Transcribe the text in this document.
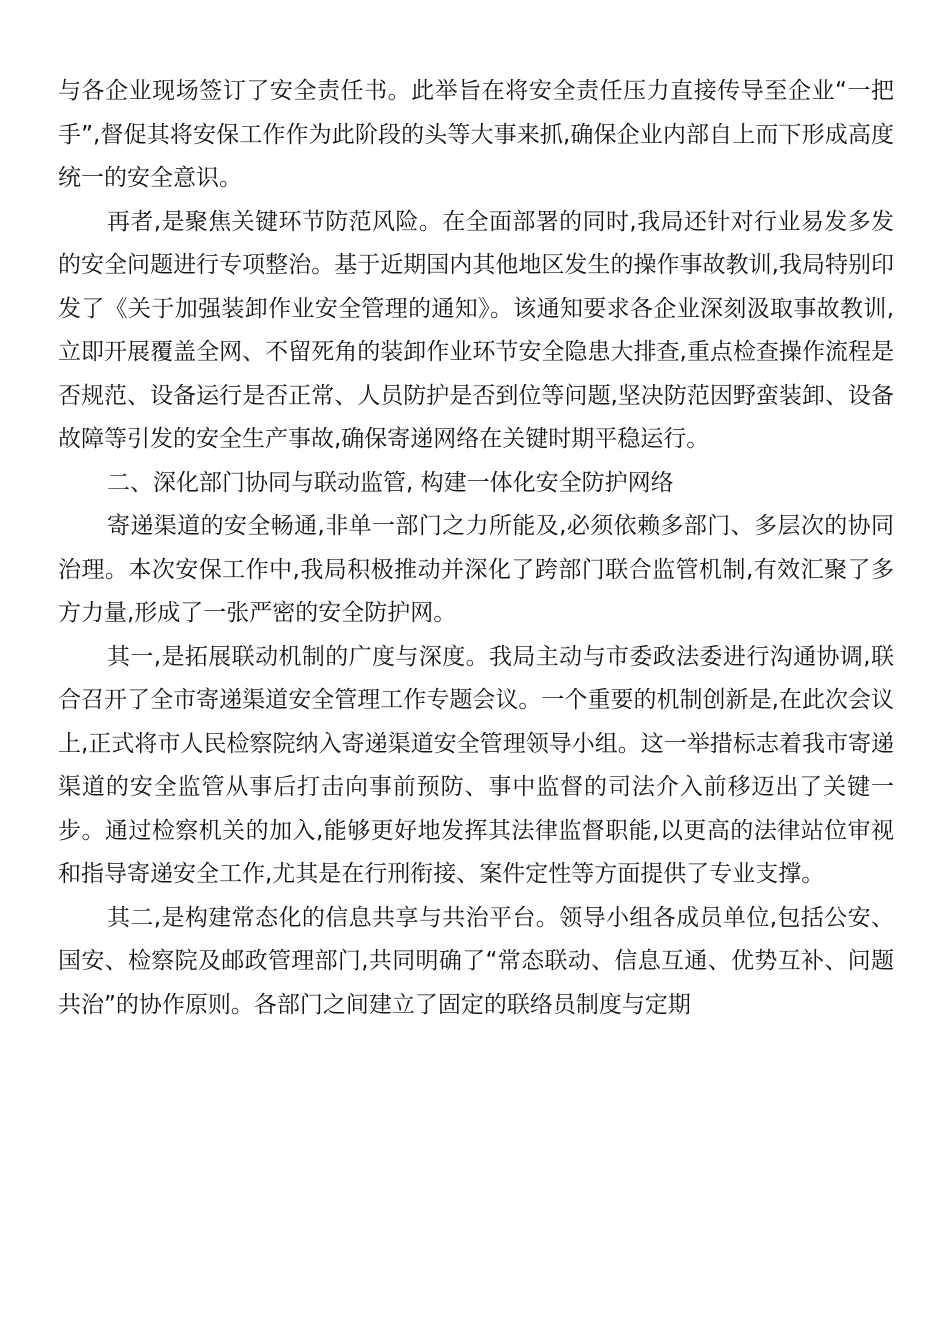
与各企业现场签订了安全责任书。此举旨在将安全责任压力直接传导至企业“一把手”,督促其将安保工作作为此阶段的头等大事来抓,确保企业内部自上而下形成高度统一的安全意识。

再者,是聚焦关键环节防范风险。在全面部署的同时,我局还针对行业易发多发的安全问题进行专项整治。基于近期国内其他地区发生的操作事故教训,我局特别印发了《关于加强装卸作业安全管理的通知》。该通知要求各企业深刻汲取事故教训,立即开展覆盖全网、不留死角的装卸作业环节安全隐患大排查,重点检查操作流程是否规范、设备运行是否正常、人员防护是否到位等问题,坚决防范因野蛮装卸、设备故障等引发的安全生产事故,确保寄递网络在关键时期平稳运行。

二、深化部门协同与联动监管, 构建一体化安全防护网络

寄递渠道的安全畅通,非单一部门之力所能及,必须依赖多部门、多层次的协同治理。本次安保工作中,我局积极推动并深化了跨部门联合监管机制,有效汇聚了多方力量,形成了一张严密的安全防护网。

其一,是拓展联动机制的广度与深度。我局主动与市委政法委进行沟通协调,联合召开了全市寄递渠道安全管理工作专题会议。一个重要的机制创新是,在此次会议上,正式将市人民检察院纳入寄递渠道安全管理领导小组。这一举措标志着我市寄递渠道的安全监管从事后打击向事前预防、事中监督的司法介入前移迈出了关键一步。通过检察机关的加入,能够更好地发挥其法律监督职能,以更高的法律站位审视和指导寄递安全工作,尤其是在行刑衔接、案件定性等方面提供了专业支撑。

其二,是构建常态化的信息共享与共治平台。领导小组各成员单位,包括公安、国安、检察院及邮政管理部门,共同明确了“常态联动、信息互通、优势互补、问题共治”的协作原则。各部门之间建立了固定的联络员制度与定期
